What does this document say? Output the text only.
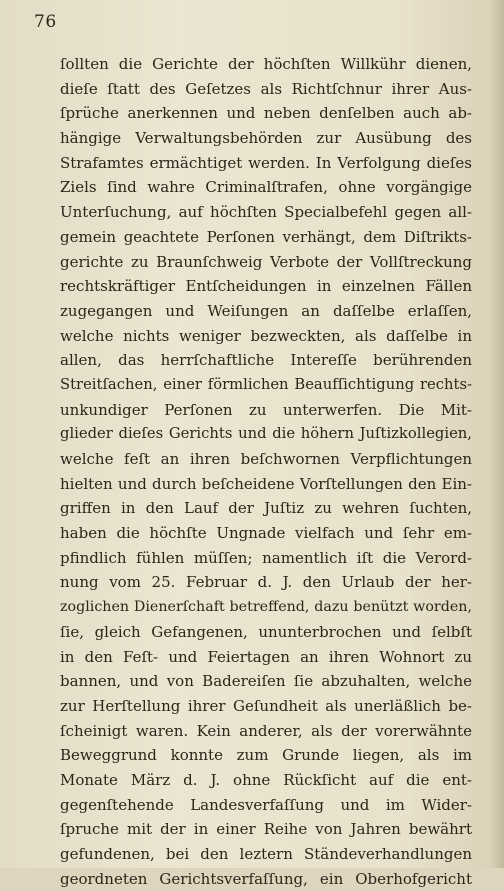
76
ſollten die Gerichte der höchſten Willkühr dienen,
dieſe ſtatt des Geſetzes als Richtſchnur ihrer Aus-
ſprüche anerkennen und neben denſelben auch ab-
hängige Verwaltungsbehörden zur Ausübung des
Strafamtes ermächtiget werden. In Verfolgung dieſes
Ziels ſind wahre Criminalſtrafen, ohne vorgängige
Unterſuchung, auf höchſten Specialbefehl gegen all-
gemein geachtete Perſonen verhängt, dem Diſtrikts-
gerichte zu Braunſchweig Verbote der Vollſtreckung
rechtskräftiger Entſcheidungen in einzelnen Fällen
zugegangen und Weiſungen an daſſelbe erlaſſen,
welche nichts weniger bezweckten, als daſſelbe in
allen, das herrſchaftliche Intereſſe berührenden
Streitſachen, einer förmlichen Beaufſichtigung rechts-
unkundiger Perſonen zu unterwerfen. Die Mit-
glieder dieſes Gerichts und die höhern Juſtizkollegien,
welche feſt an ihren beſchwornen Verpflichtungen
hielten und durch beſcheidene Vorſtellungen den Ein-
griffen in den Lauf der Juſtiz zu wehren ſuchten,
haben die höchſte Ungnade vielfach und ſehr em-
pfindlich fühlen müſſen; namentlich iſt die Verord-
nung vom 25. Februar d. J. den Urlaub der her-
zoglichen Dienerſchaft betreffend, dazu benützt worden,
ſie, gleich Gefangenen, ununterbrochen und ſelbſt
in den Feſt- und Feiertagen an ihren Wohnort zu
bannen, und von Badereiſen ſie abzuhalten, welche
zur Herſtellung ihrer Geſundheit als unerläßlich be-
ſcheinigt waren. Kein anderer, als der vorerwähnte
Beweggrund konnte zum Grunde liegen, als im
Monate März d. J. ohne Rückſicht auf die ent-
gegenſtehende Landesverfaſſung und im Wider-
ſpruche mit der in einer Reihe von Jahren bewährt
gefundenen, bei den leztern Ständeverhandlungen
geordneten Gerichtsverfaſſung, ein Oberhofgericht
